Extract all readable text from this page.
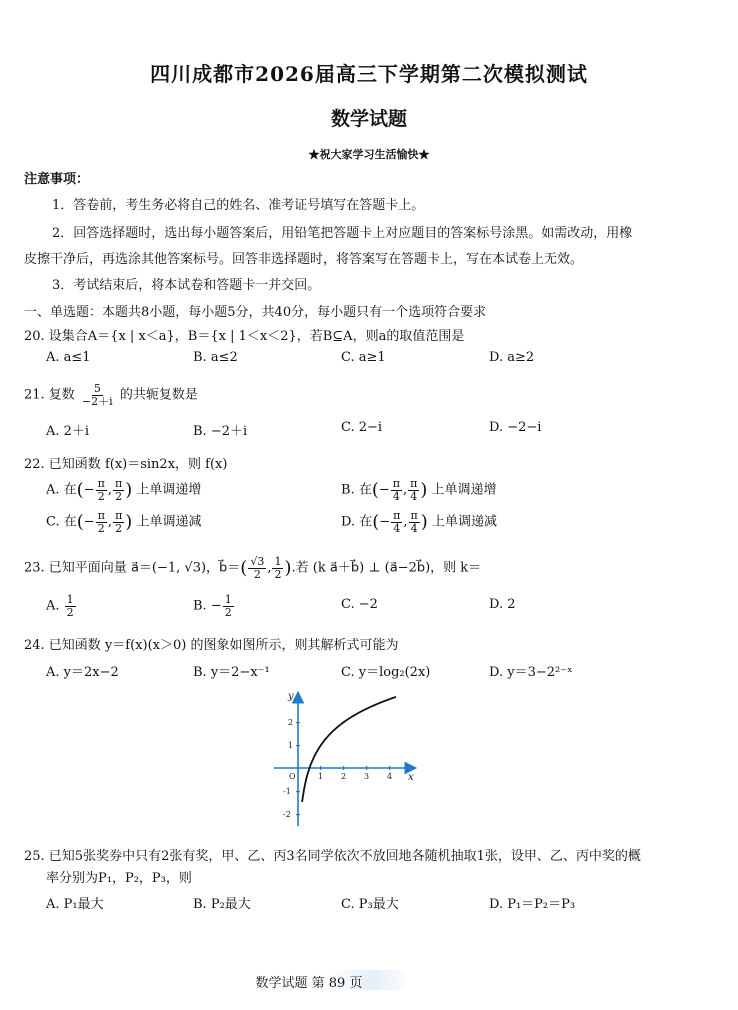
四川成都市2026届高三下学期第二次模拟测试
数学试题
★祝大家学习生活愉快★
注意事项：
1．答卷前，考生务必将自己的姓名、准考证号填写在答题卡上。
2．回答选择题时，选出每小题答案后，用铅笔把答题卡上对应题目的答案标号涂黑。如需改动，用橡
皮擦干净后，再选涂其他答案标号。回答非选择题时，将答案写在答题卡上，写在本试卷上无效。
3．考试结束后，将本试卷和答题卡一并交回。
一、单选题：本题共8小题，每小题5分，共40分，每小题只有一个选项符合要求
20. 设集合A＝{x | x＜a}，B＝{x | 1＜x＜2}，若B⊆A，则a的取值范围是
A. a≤1	B. a≤2	C. a≥1	D. a≥2
21. 复数 $\frac{5}{-2+i}$ 的共轭复数是
A. 2＋i	B. −2＋i	C. 2−i	D. −2−i
22. 已知函数 f(x)＝sin2x，则 f(x)
A. 在(− $\frac{\pi}{2}$ , $\frac{\pi}{2}$ ) 上单调递增	B. 在(− $\frac{\pi}{4}$ , $\frac{\pi}{4}$ ) 上单调递增
C. 在(− $\frac{\pi}{2}$ , $\frac{\pi}{2}$ ) 上单调递减	D. 在(− $\frac{\pi}{4}$ , $\frac{\pi}{4}$ ) 上单调递减
23. 已知平面向量 a⃗＝(−1, √3)，b⃗＝( $\frac{√3}{2}$ , $\frac{1}{2}$ ).若 (k a⃗＋b⃗) ⊥ (a⃗−2b⃗)，则 k＝
A. $\frac{1}{2}$	B. − $\frac{1}{2}$	C. −2	D. 2
24. 已知函数 y＝f(x)(x＞0) 的图象如图所示，则其解析式可能为
A. y＝2x−2	B. y＝2−x⁻¹	C. y＝log₂(2x)	D. y＝3−2²⁻ˣ
1 2 3 4
2
1
-1
-2
O	x
y
25. 已知5张奖券中只有2张有奖，甲、乙、丙3名同学依次不放回地各随机抽取1张，设甲、乙、丙中奖的概
率分别为P₁，P₂，P₃，则
A. P₁最大	B. P₂最大	C. P₃最大	D. P₁＝P₂＝P₃
数学试题 第 89 页
